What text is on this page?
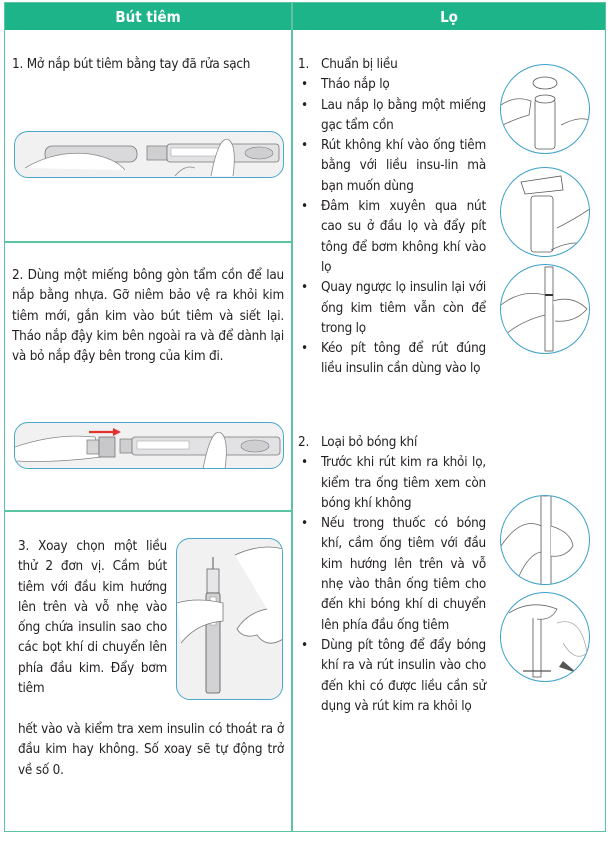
Bút tiêm	Lọ
1. Mở nắp bút tiêm bằng tay đã rửa sạch
2. Dùng một miếng bông gòn tẩm cồn để lau nắp bằng nhựa. Gỡ niêm bảo vệ ra khỏi kim tiêm mới, gắn kim vào bút tiêm và siết lại. Tháo nắp đậy kim bên ngoài ra và để dành lại và bỏ nắp đậy bên trong của kim đi.
3. Xoay chọn một liều thử 2 đơn vị. Cầm bút tiêm với đầu kim hướng lên trên và vỗ nhẹ vào ống chứa insulin sao cho các bọt khí di chuyển lên phía đầu kim. Đẩy bơm tiêm
hết vào và kiểm tra xem insulin có thoát ra ở đầu kim hay không. Số xoay sẽ tự động trở về số 0.
1. Chuẩn bị liều
• Tháo nắp lọ
• Lau nắp lọ bằng một miếng gạc tẩm cồn
• Rút không khí vào ống tiêm bằng với liều insu-lin mà bạn muốn dùng
• Đâm kim xuyên qua nút cao su ở đầu lọ và đẩy pít tông để bơm không khí vào lọ
• Quay ngược lọ insulin lại với ống kim tiêm vẫn còn để trong lọ
• Kéo pít tông để rút đúng liều insulin cần dùng vào lọ
2. Loại bỏ bóng khí
• Trước khi rút kim ra khỏi lọ, kiểm tra ống tiêm xem còn bóng khí không
• Nếu trong thuốc có bóng khí, cầm ống tiêm với đầu kim hướng lên trên và vỗ nhẹ vào thân ống tiêm cho đến khi bóng khí di chuyển lên phía đầu ống tiêm
• Dùng pít tông để đẩy bóng khí ra và rút insulin vào cho đến khi có được liều cần sử dụng và rút kim ra khỏi lọ
